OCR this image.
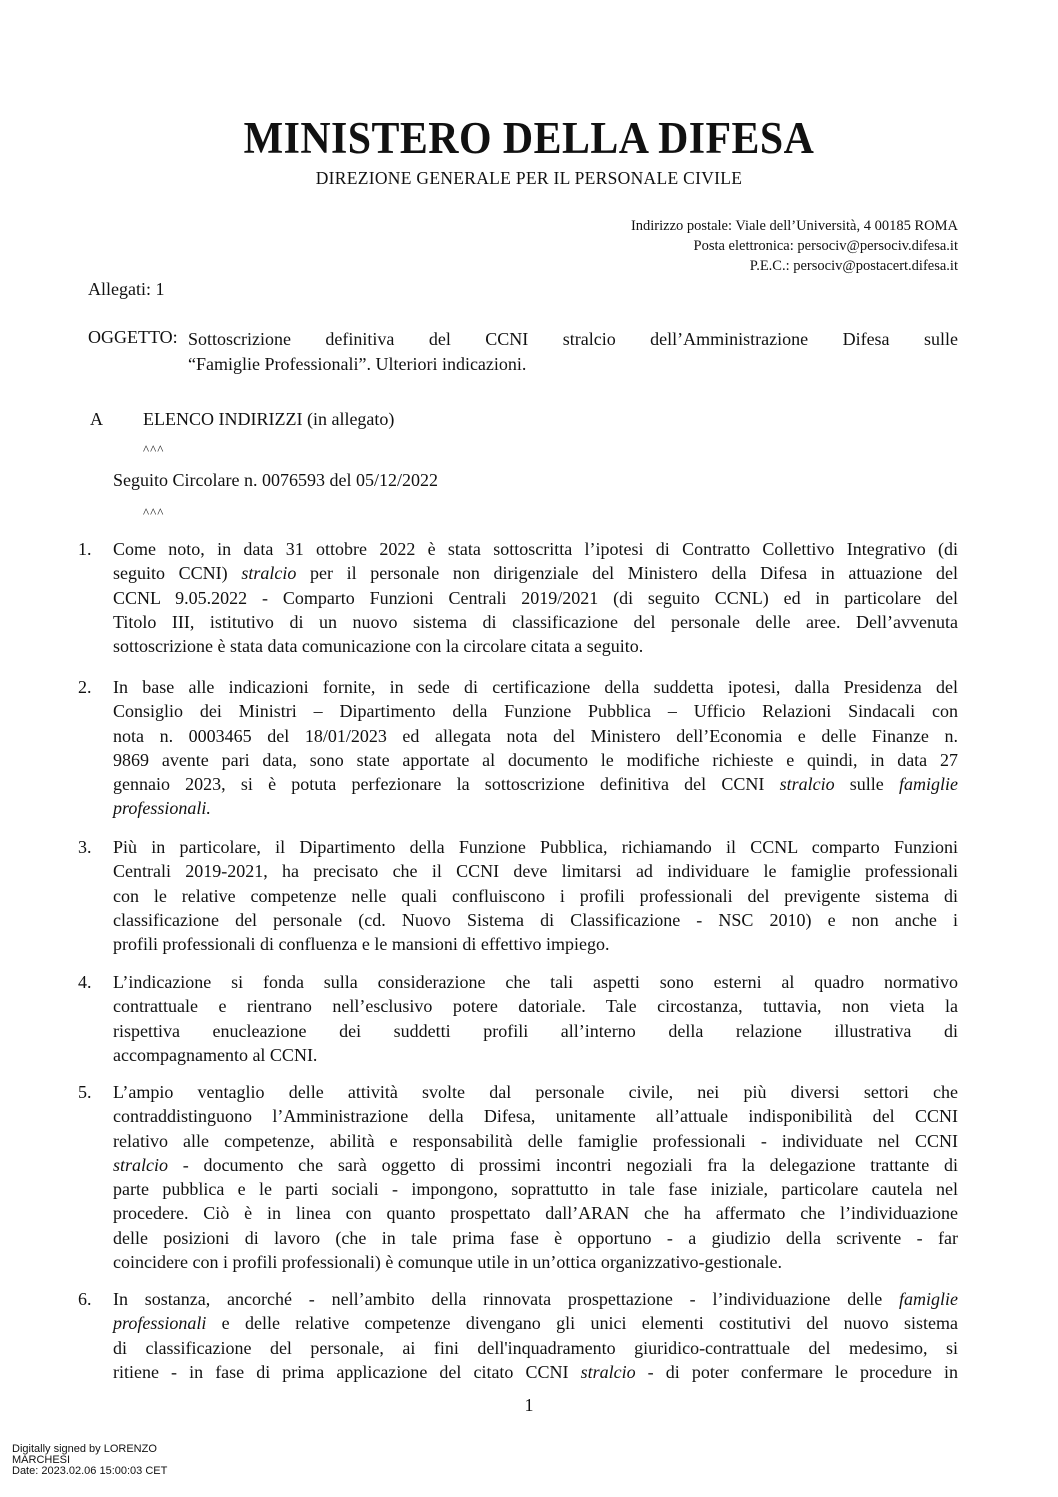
MINISTERO DELLA DIFESA
DIREZIONE GENERALE PER IL PERSONALE CIVILE
Indirizzo postale: Viale dell’Università, 4 00185 ROMA
Posta elettronica: persociv@persociv.difesa.it
P.E.C.: persociv@postacert.difesa.it
Allegati: 1
OGGETTO: Sottoscrizione definitiva del CCNI stralcio dell’Amministrazione Difesa sulle
“Famiglie Professionali”. Ulteriori indicazioni.
A ELENCO INDIRIZZI (in allegato)
^^^
Seguito Circolare n. 0076593 del 05/12/2022
^^^
1.	Come noto, in data 31 ottobre 2022 è stata sottoscritta l’ipotesi di Contratto Collettivo Integrativo (di
seguito CCNI) stralcio per il personale non dirigenziale del Ministero della Difesa in attuazione del
CCNL 9.05.2022 - Comparto Funzioni Centrali 2019/2021 (di seguito CCNL) ed in particolare del
Titolo III, istitutivo di un nuovo sistema di classificazione del personale delle aree. Dell’avvenuta
sottoscrizione è stata data comunicazione con la circolare citata a seguito.
2.	In base alle indicazioni fornite, in sede di certificazione della suddetta ipotesi, dalla Presidenza del
Consiglio dei Ministri – Dipartimento della Funzione Pubblica – Ufficio Relazioni Sindacali con
nota n. 0003465 del 18/01/2023 ed allegata nota del Ministero dell’Economia e delle Finanze n.
9869 avente pari data, sono state apportate al documento le modifiche richieste e quindi, in data 27
gennaio 2023, si è potuta perfezionare la sottoscrizione definitiva del CCNI stralcio sulle famiglie
professionali.
3.	Più in particolare, il Dipartimento della Funzione Pubblica, richiamando il CCNL comparto Funzioni
Centrali 2019-2021, ha precisato che il CCNI deve limitarsi ad individuare le famiglie professionali
con le relative competenze nelle quali confluiscono i profili professionali del previgente sistema di
classificazione del personale (cd. Nuovo Sistema di Classificazione - NSC 2010) e non anche i
profili professionali di confluenza e le mansioni di effettivo impiego.
4.	L’indicazione si fonda sulla considerazione che tali aspetti sono esterni al quadro normativo
contrattuale e rientrano nell’esclusivo potere datoriale. Tale circostanza, tuttavia, non vieta la
rispettiva enucleazione dei suddetti profili all’interno della relazione illustrativa di
accompagnamento al CCNI.
5.	L’ampio ventaglio delle attività svolte dal personale civile, nei più diversi settori che
contraddistinguono l’Amministrazione della Difesa, unitamente all’attuale indisponibilità del CCNI
relativo alle competenze, abilità e responsabilità delle famiglie professionali - individuate nel CCNI
stralcio - documento che sarà oggetto di prossimi incontri negoziali fra la delegazione trattante di
parte pubblica e le parti sociali - impongono, soprattutto in tale fase iniziale, particolare cautela nel
procedere. Ciò è in linea con quanto prospettato dall’ARAN che ha affermato che l’individuazione
delle posizioni di lavoro (che in tale prima fase è opportuno - a giudizio della scrivente - far
coincidere con i profili professionali) è comunque utile in un’ottica organizzativo-gestionale.
6.	In sostanza, ancorché - nell’ambito della rinnovata prospettazione - l’individuazione delle famiglie
professionali e delle relative competenze divengano gli unici elementi costitutivi del nuovo sistema
di classificazione del personale, ai fini dell'inquadramento giuridico-contrattuale del medesimo, si
ritiene - in fase di prima applicazione del citato CCNI stralcio - di poter confermare le procedure in
1
Digitally signed by LORENZO
MARCHESI
Date: 2023.02.06 15:00:03 CET
